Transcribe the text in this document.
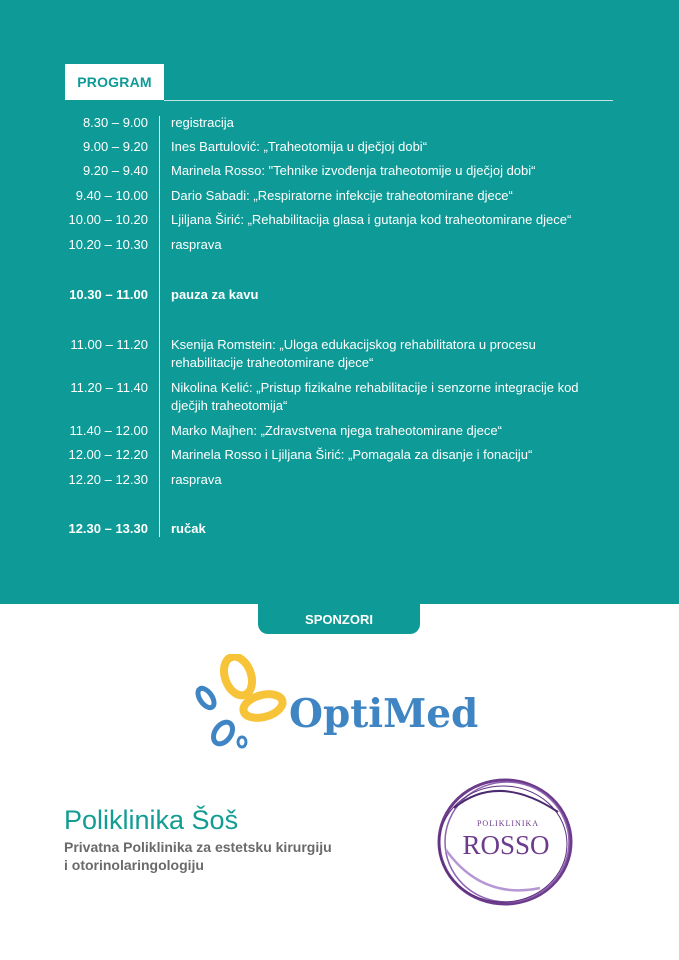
PROGRAM
8.30 – 9.00 registracija
9.00 – 9.20 Ines Bartulović: „Traheotomija u dječjoj dobi“
9.20 – 9.40 Marinela Rosso: "Tehnike izvođenja traheotomije u dječjoj dobi“
9.40 – 10.00 Dario Sabadi: „Respiratorne infekcije traheotomirane djece“
10.00 – 10.20 Ljiljana Širić: „Rehabilitacija glasa i gutanja kod traheotomirane djece“
10.20 – 10.30 rasprava
10.30 – 11.00 pauza za kavu
11.00 – 11.20 Ksenija Romstein: „Uloga edukacijskog rehabilitatora u procesu rehabilitacije traheotomirane djece“
11.20 – 11.40 Nikolina Kelić: „Pristup fizikalne rehabilitacije i senzorne integracije kod dječjih traheotomija“
11.40 – 12.00 Marko Majhen: „Zdravstvena njega traheotomirane djece“
12.00 – 12.20 Marinela Rosso i Ljiljana Širić: „Pomagala za disanje i fonaciju“
12.20 – 12.30 rasprava
12.30 – 13.30 ručak
SPONZORI
OptiMed
Poliklinika Šoš
Privatna Poliklinika za estetsku kirurgiju
i otorinolaringologiju
POLIKLINIKA
ROSSO
